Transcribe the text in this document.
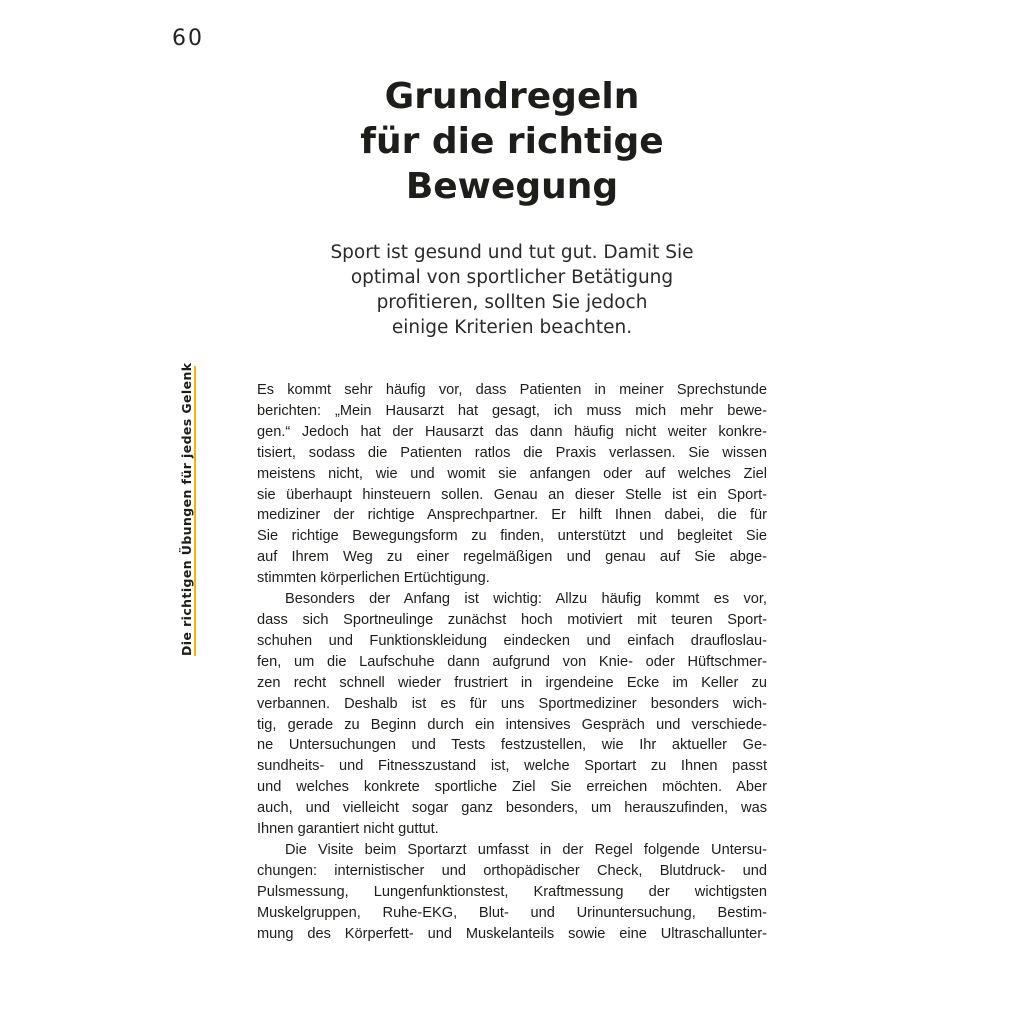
60
Grundregeln
für die richtige
Bewegung

Sport ist gesund und tut gut. Damit Sie
optimal von sportlicher Betätigung
profitieren, sollten Sie jedoch
einige Kriterien beachten.

Die richtigen Übungen für jedes Gelenk	Es kommt sehr häufig vor, dass Patienten in meiner Sprechstunde
berichten: „Mein Hausarzt hat gesagt, ich muss mich mehr bewe-
gen.“ Jedoch hat der Hausarzt das dann häufig nicht weiter konkre-
tisiert, sodass die Patienten ratlos die Praxis verlassen. Sie wissen
meistens nicht, wie und womit sie anfangen oder auf welches Ziel
sie überhaupt hinsteuern sollen. Genau an dieser Stelle ist ein Sport-
mediziner der richtige Ansprechpartner. Er hilft Ihnen dabei, die für
Sie richtige Bewegungsform zu finden, unterstützt und begleitet Sie
auf Ihrem Weg zu einer regelmäßigen und genau auf Sie abge-
stimmten körperlichen Ertüchtigung.
Besonders der Anfang ist wichtig: Allzu häufig kommt es vor,
dass sich Sportneulinge zunächst hoch motiviert mit teuren Sport-
schuhen und Funktionskleidung eindecken und einfach draufloslau-
fen, um die Laufschuhe dann aufgrund von Knie- oder Hüftschmer-
zen recht schnell wieder frustriert in irgendeine Ecke im Keller zu
verbannen. Deshalb ist es für uns Sportmediziner besonders wich-
tig, gerade zu Beginn durch ein intensives Gespräch und verschiede-
ne Untersuchungen und Tests festzustellen, wie Ihr aktueller Ge-
sundheits- und Fitnesszustand ist, welche Sportart zu Ihnen passt
und welches konkrete sportliche Ziel Sie erreichen möchten. Aber
auch, und vielleicht sogar ganz besonders, um herauszufinden, was
Ihnen garantiert nicht guttut.
Die Visite beim Sportarzt umfasst in der Regel folgende Untersu-
chungen: internistischer und orthopädischer Check, Blutdruck- und
Pulsmessung, Lungenfunktionstest, Kraftmessung der wichtigsten
Muskelgruppen, Ruhe-EKG, Blut- und Urinuntersuchung, Bestim-
mung des Körperfett- und Muskelanteils sowie eine Ultraschallunter-
